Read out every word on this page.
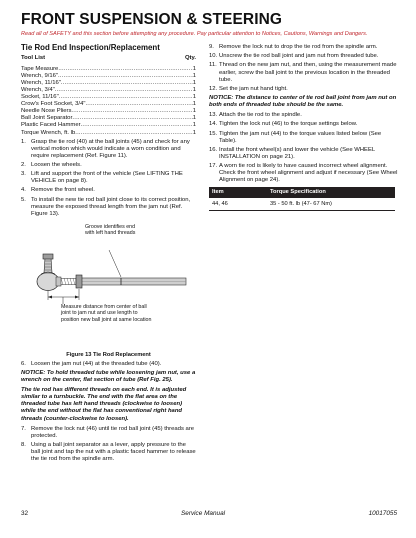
FRONT SUSPENSION & STEERING
Read all of SAFETY and this section before attempting any procedure. Pay particular attention to Notices, Cautions, Warnings and Dangers.
Tie Rod End Inspection/Replacement
Tool List	Qty.
Tape Measure .....	1
Wrench, 9/16" .....	1
Wrench, 11/16" .....	1
Wrench, 3/4" .....	1
Socket, 11/16" .....	1
Crow's Foot Socket, 3/4" .....	1
Needle Nose Pliers .....	1
Ball Joint Separator .....	1
Plastic Faced Hammer .....	1
Torque Wrench, ft. lb .....	1
1. Grasp the tie rod (40) at the ball joints (45) and check for any vertical motion which would indicate a worn condition and require replacement (Ref. Figure 11).
2. Loosen the wheels.
3. Lift and support the front of the vehicle (See LIFTING THE VEHICLE on page 8).
4. Remove the front wheel.
5. To install the new tie rod ball joint close to its correct position, measure the exposed thread length from the jam nut (Ref. Figure 13).
Groove identifies end with left hand threads
Measure distance from center of ball joint to jam nut and use length to position new ball joint at same location
Figure 13 Tie Rod Replacement
6. Loosen the jam nut (44) at the threaded tube (40).
NOTICE: To hold threaded tube while loosening jam nut, use a wrench on the center, flat section of tube (Ref Fig. 25).
The tie rod has different threads on each end. It is adjusted similar to a turnbuckle. The end with the flat area on the threaded tube has left hand threads (clockwise to loosen) while the end without the flat has conventional right hand threads (counter-clockwise to loosen).
7. Remove the lock nut (46) until tie rod ball joint (45) threads are protected.
8. Using a ball joint separator as a lever, apply pressure to the ball joint and tap the nut with a plastic faced hammer to release the tie rod from the spindle arm.
9. Remove the lock nut to drop the tie rod from the spindle arm.
10. Unscrew the tie rod ball joint and jam nut from threaded tube.
11. Thread on the new jam nut, and then, using the measurement made earlier, screw the ball joint to the previous location in the threaded tube.
12. Set the jam nut hand tight.
NOTICE: The distance to center of tie rod ball joint from jam nut on both ends of threaded tube should be the same.
13. Attach the tie rod to the spindle.
14. Tighten the lock nut (46) to the torque settings below.
15. Tighten the jam nut (44) to the torque values listed below (See Table).
16. Install the front wheel(s) and lower the vehicle (See WHEEL INSTALLATION on page 21).
17. A worn tie rod is likely to have caused incorrect wheel alignment. Check the front wheel alignment and adjust if necessary (See Wheel Alignment on page 24).
Item	Torque Specification
44, 46	35 - 50 ft. lb (47- 67 Nm)
32	Service Manual	10017055
